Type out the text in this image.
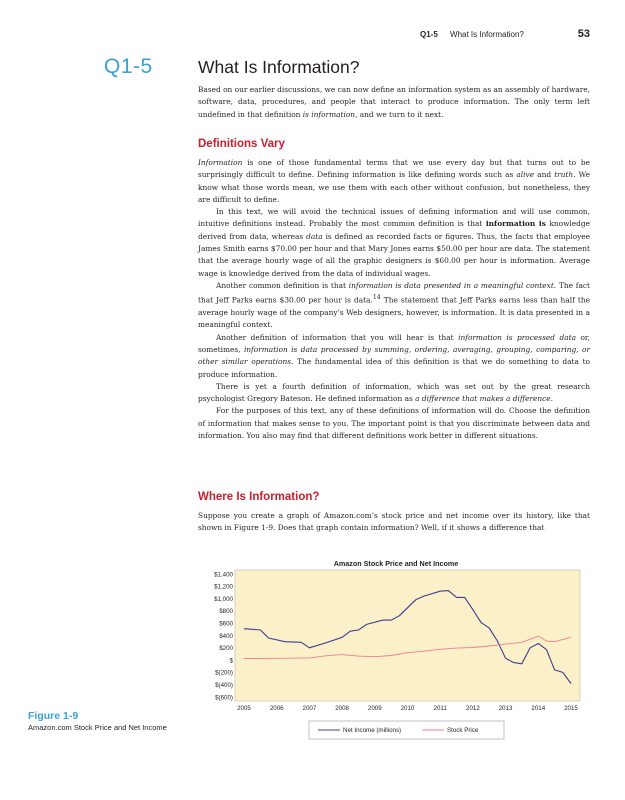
Q1-5 What Is Information?	53
Q1-5	What Is Information?

Based on our earlier discussions, we can now define an information system as an assembly of hardware, software, data, procedures, and people that interact to produce information. The only term left undefined in that definition is information, and we turn to it next.

Definitions Vary

Information is one of those fundamental terms that we use every day but that turns out to be surprisingly difficult to define. Defining information is like defining words such as alive and truth. We know what those words mean, we use them with each other without confusion, but nonetheless, they are difficult to define.

In this text, we will avoid the technical issues of defining information and will use common, intuitive definitions instead. Probably the most common definition is that information is knowledge derived from data, whereas data is defined as recorded facts or figures. Thus, the facts that employee James Smith earns $70.00 per hour and that Mary Jones earns $50.00 per hour are data. The statement that the average hourly wage of all the graphic designers is $60.00 per hour is information. Average wage is knowledge derived from the data of individual wages.

Another common definition is that information is data presented in a meaningful context. The fact that Jeff Parks earns $30.00 per hour is data.$^{14}$ The statement that Jeff Parks earns less than half the average hourly wage of the company’s Web designers, however, is information. It is data presented in a meaningful context.

Another definition of information that you will hear is that information is processed data or, sometimes, information is data processed by summing, ordering, averaging, grouping, comparing, or other similar operations. The fundamental idea of this definition is that we do something to data to produce information.

There is yet a fourth definition of information, which was set out by the great research psychologist Gregory Bateson. He defined information as a difference that makes a difference.

For the purposes of this text, any of these definitions of information will do. Choose the definition of information that makes sense to you. The important point is that you discriminate between data and information. You also may find that different definitions work better in different situations.

Where Is Information?

Suppose you create a graph of Amazon.com’s stock price and net income over its history, like that shown in Figure 1-9. Does that graph contain information? Well, if it shows a difference that

Figure 1-9
Amazon.com Stock Price and Net Income
Amazon Stock Price and Net Income
$1,400
$1,200
$1,000
$800
$600
$400
$200
$
$(200)
$(400)
$(600)
2005	2006	2007	2008	2009	2010	2011	2012	2013	2014	2015
Net Income (millions)	Stock Price
